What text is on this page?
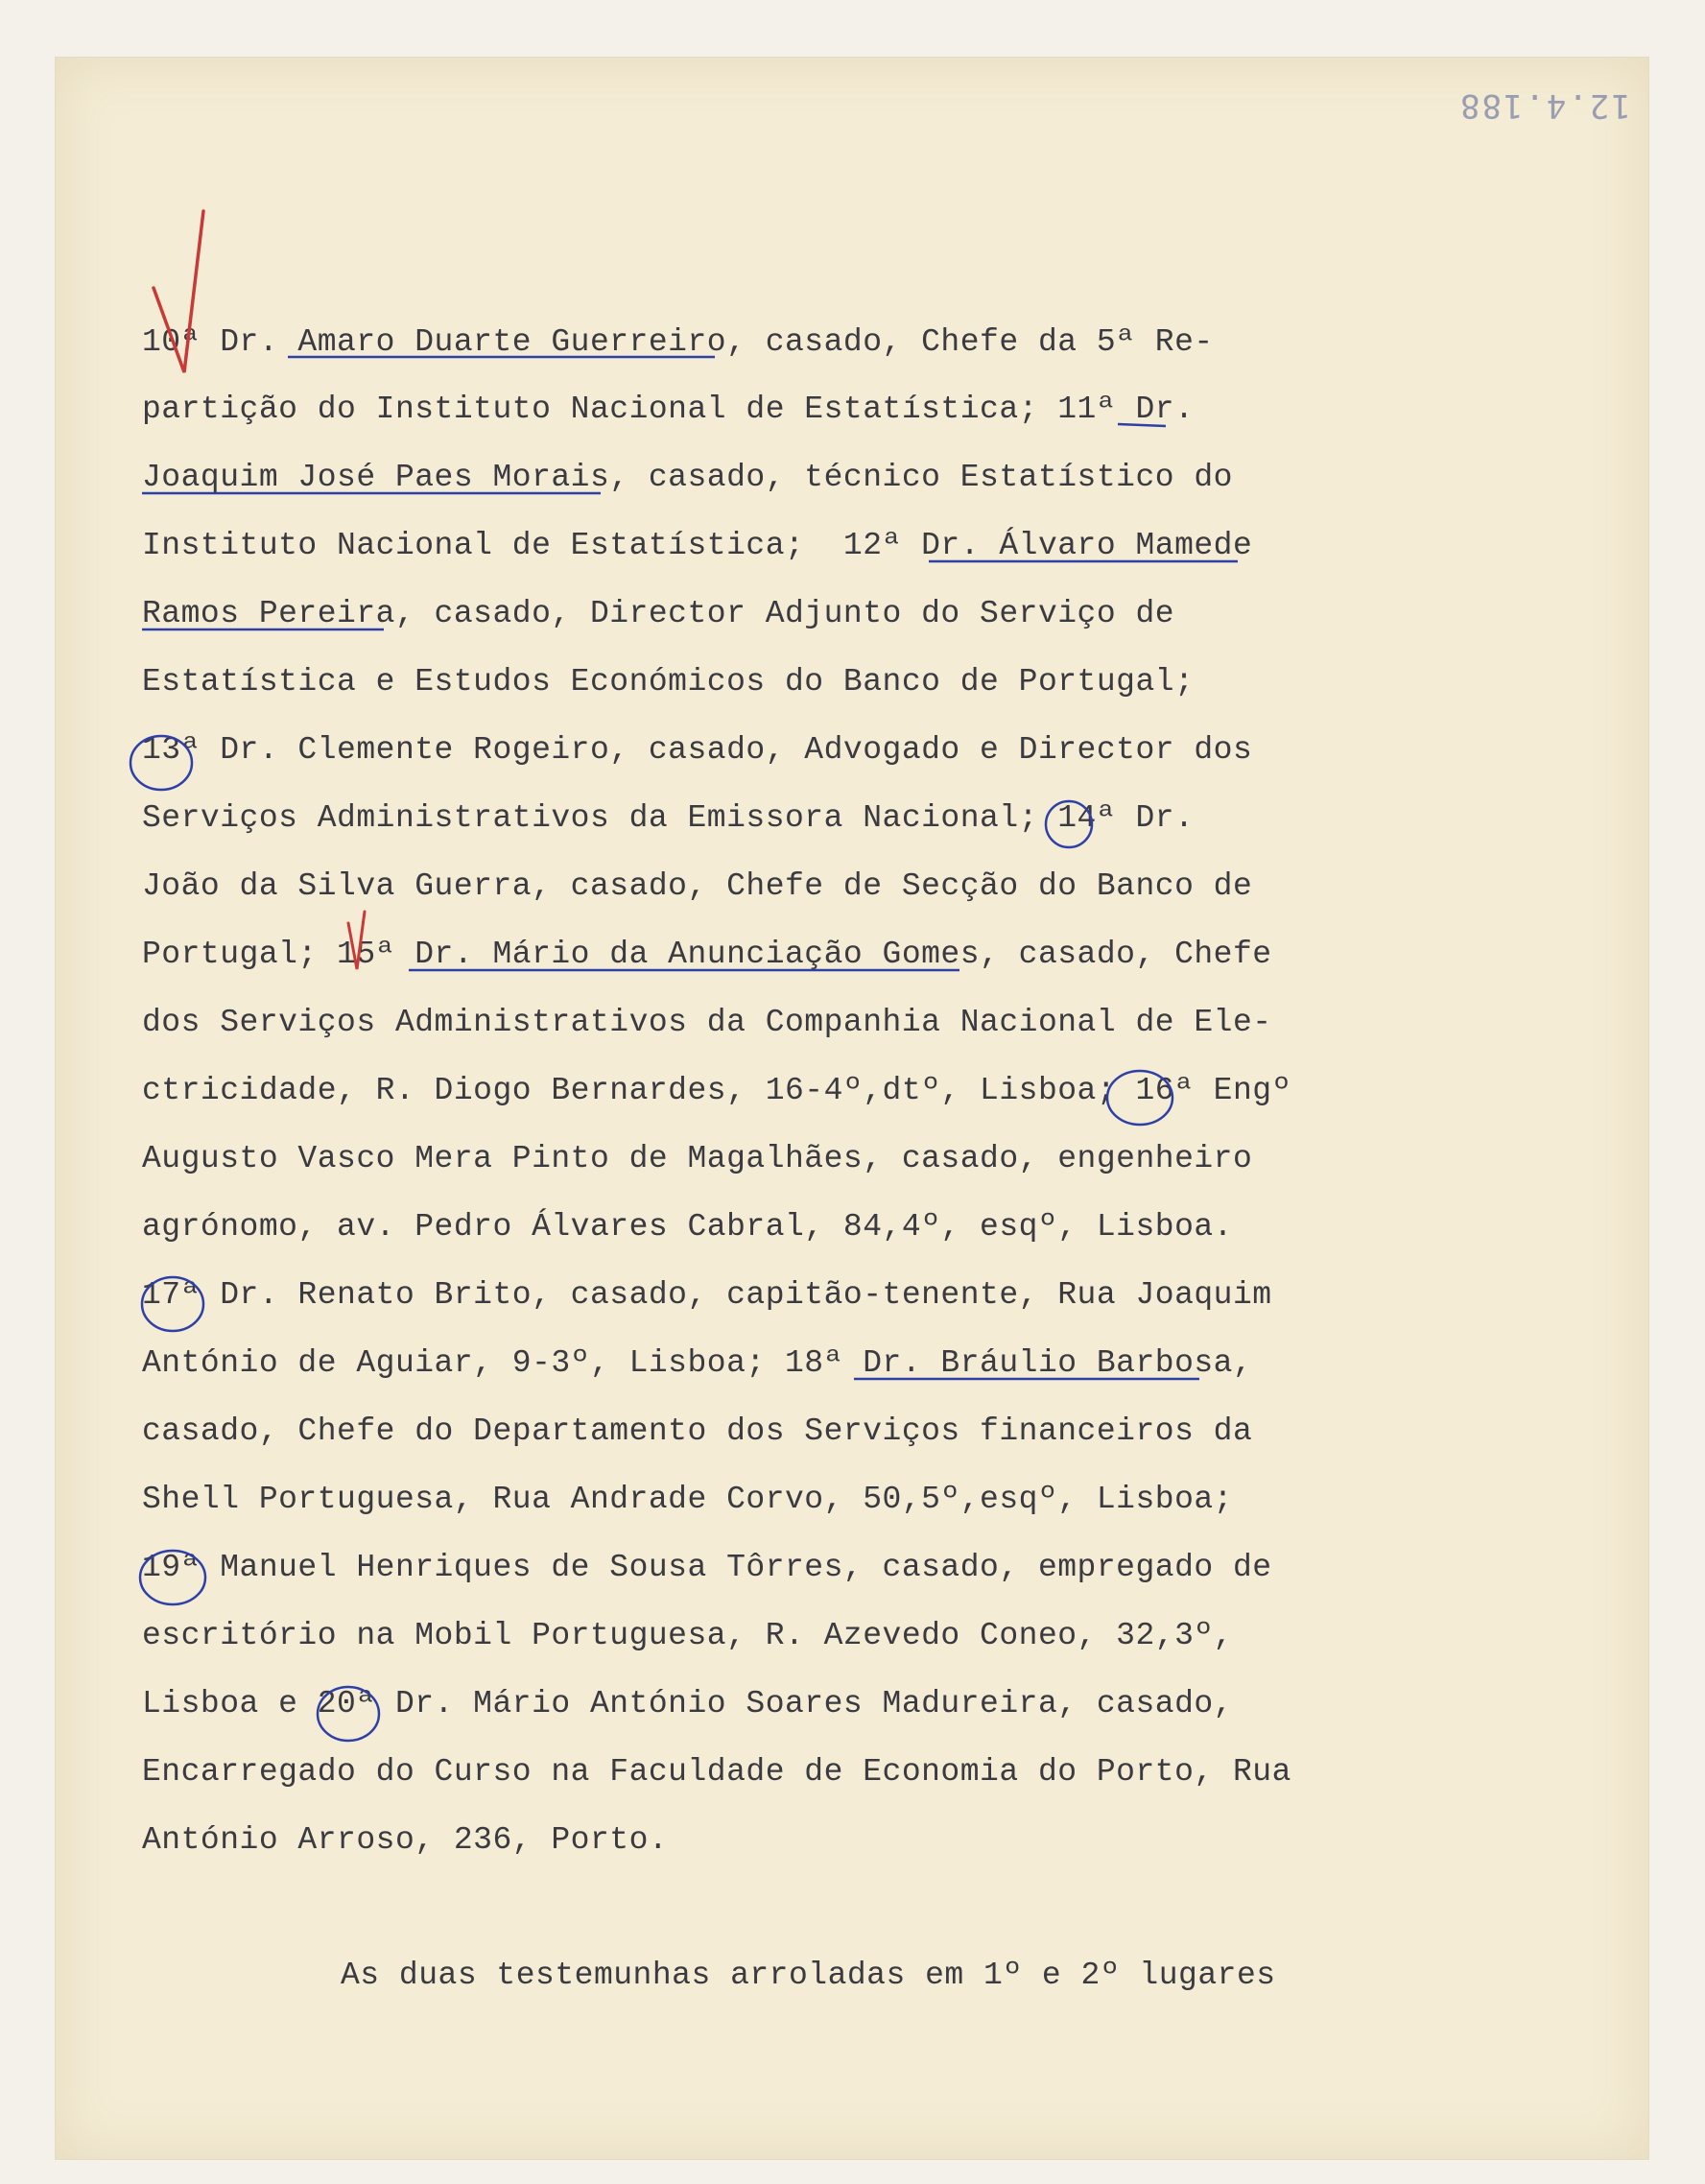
12.4.188
10ª Dr. Amaro Duarte Guerreiro, casado, Chefe da 5ª Re-
partição do Instituto Nacional de Estatística; 11ª Dr.
Joaquim José Paes Morais, casado, técnico Estatístico do
Instituto Nacional de Estatística;  12ª Dr. Álvaro Mamede
Ramos Pereira, casado, Director Adjunto do Serviço de
Estatística e Estudos Económicos do Banco de Portugal;
13ª Dr. Clemente Rogeiro, casado, Advogado e Director dos
Serviços Administrativos da Emissora Nacional; 14ª Dr.
João da Silva Guerra, casado, Chefe de Secção do Banco de
Portugal; 15ª Dr. Mário da Anunciação Gomes, casado, Chefe
dos Serviços Administrativos da Companhia Nacional de Ele-
ctricidade, R. Diogo Bernardes, 16-4º,dtº, Lisboa; 16ª Engº
Augusto Vasco Mera Pinto de Magalhães, casado, engenheiro
agrónomo, av. Pedro Álvares Cabral, 84,4º, esqº, Lisboa.
17ª Dr. Renato Brito, casado, capitão-tenente, Rua Joaquim
António de Aguiar, 9-3º, Lisboa; 18ª Dr. Bráulio Barbosa,
casado, Chefe do Departamento dos Serviços financeiros da
Shell Portuguesa, Rua Andrade Corvo, 50,5º,esqº, Lisboa;
19ª Manuel Henriques de Sousa Tôrres, casado, empregado de
escritório na Mobil Portuguesa, R. Azevedo Coneo, 32,3º,
Lisboa e 20ª Dr. Mário António Soares Madureira, casado,
Encarregado do Curso na Faculdade de Economia do Porto, Rua
António Arroso, 236, Porto.
As duas testemunhas arroladas em 1º e 2º lugares
